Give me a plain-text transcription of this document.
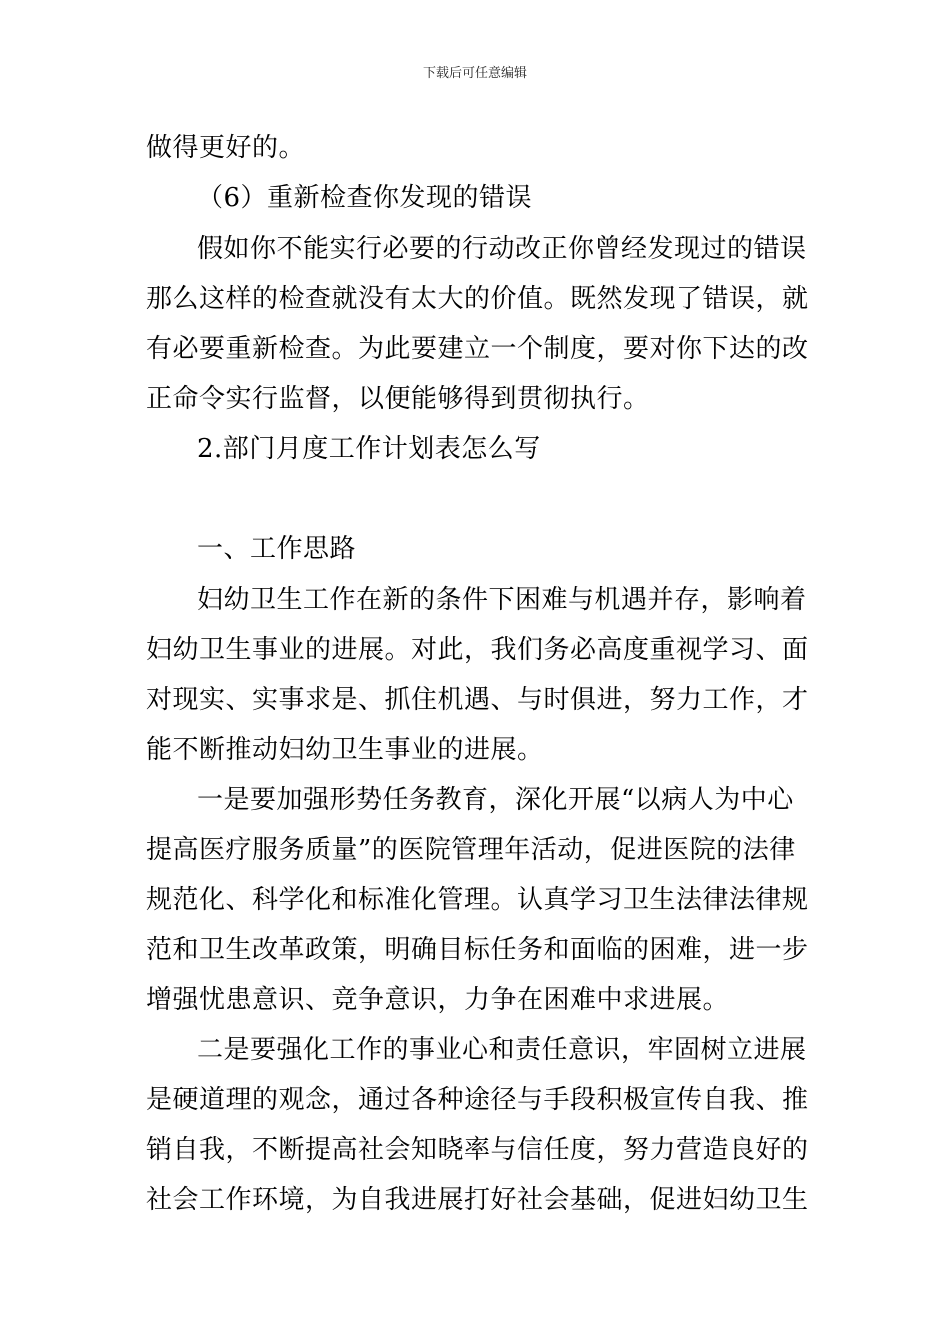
下载后可任意编辑
做得更好的。
（6）重新检查你发现的错误
假如你不能实行必要的行动改正你曾经发现过的错误
那么这样的检查就没有太大的价值。既然发现了错误，就
有必要重新检查。为此要建立一个制度，要对你下达的改
正命令实行监督，以便能够得到贯彻执行。
2.部门月度工作计划表怎么写
一、工作思路
妇幼卫生工作在新的条件下困难与机遇并存，影响着
妇幼卫生事业的进展。对此，我们务必高度重视学习、面
对现实、实事求是、抓住机遇、与时俱进，努力工作，才
能不断推动妇幼卫生事业的进展。
一是要加强形势任务教育，深化开展“以病人为中心
提高医疗服务质量”的医院管理年活动，促进医院的法律
规范化、科学化和标准化管理。认真学习卫生法律法律规
范和卫生改革政策，明确目标任务和面临的困难，进一步
增强忧患意识、竞争意识，力争在困难中求进展。
二是要强化工作的事业心和责任意识，牢固树立进展
是硬道理的观念，通过各种途径与手段积极宣传自我、推
销自我，不断提高社会知晓率与信任度，努力营造良好的
社会工作环境，为自我进展打好社会基础，促进妇幼卫生
